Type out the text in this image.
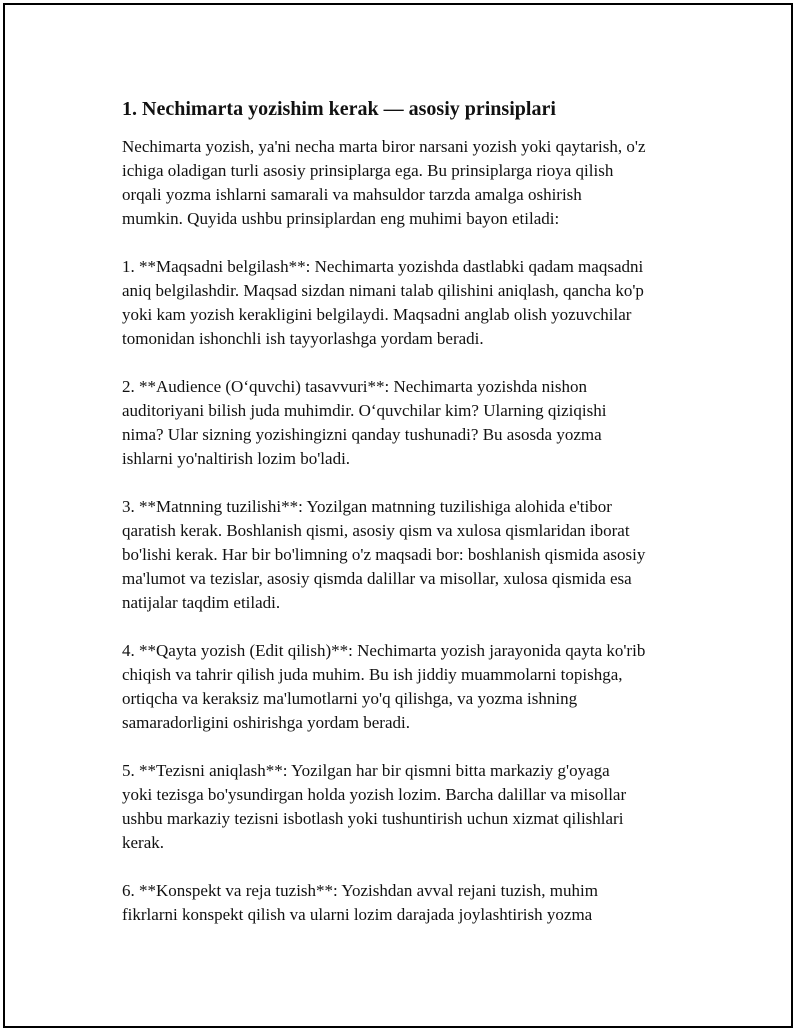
1. Nechimarta yozishim kerak — asosiy prinsiplari

Nechimarta yozish, ya'ni necha marta biror narsani yozish yoki qaytarish, o'z
ichiga oladigan turli asosiy prinsiplarga ega. Bu prinsiplarga rioya qilish
orqali yozma ishlarni samarali va mahsuldor tarzda amalga oshirish
mumkin. Quyida ushbu prinsiplardan eng muhimi bayon etiladi:

1. **Maqsadni belgilash**: Nechimarta yozishda dastlabki qadam maqsadni
aniq belgilashdir. Maqsad sizdan nimani talab qilishini aniqlash, qancha ko'p
yoki kam yozish kerakligini belgilaydi. Maqsadni anglab olish yozuvchilar
tomonidan ishonchli ish tayyorlashga yordam beradi.

2. **Audience (O‘quvchi) tasavvuri**: Nechimarta yozishda nishon
auditoriyani bilish juda muhimdir. O‘quvchilar kim? Ularning qiziqishi
nima? Ular sizning yozishingizni qanday tushunadi? Bu asosda yozma
ishlarni yo'naltirish lozim bo'ladi.

3. **Matnning tuzilishi**: Yozilgan matnning tuzilishiga alohida e'tibor
qaratish kerak. Boshlanish qismi, asosiy qism va xulosa qismlaridan iborat
bo'lishi kerak. Har bir bo'limning o'z maqsadi bor: boshlanish qismida asosiy
ma'lumot va tezislar, asosiy qismda dalillar va misollar, xulosa qismida esa
natijalar taqdim etiladi.

4. **Qayta yozish (Edit qilish)**: Nechimarta yozish jarayonida qayta ko'rib
chiqish va tahrir qilish juda muhim. Bu ish jiddiy muammolarni topishga,
ortiqcha va keraksiz ma'lumotlarni yo'q qilishga, va yozma ishning
samaradorligini oshirishga yordam beradi.

5. **Tezisni aniqlash**: Yozilgan har bir qismni bitta markaziy g'oyaga
yoki tezisga bo'ysundirgan holda yozish lozim. Barcha dalillar va misollar
ushbu markaziy tezisni isbotlash yoki tushuntirish uchun xizmat qilishlari
kerak.

6. **Konspekt va reja tuzish**: Yozishdan avval rejani tuzish, muhim
fikrlarni konspekt qilish va ularni lozim darajada joylashtirish yozma
